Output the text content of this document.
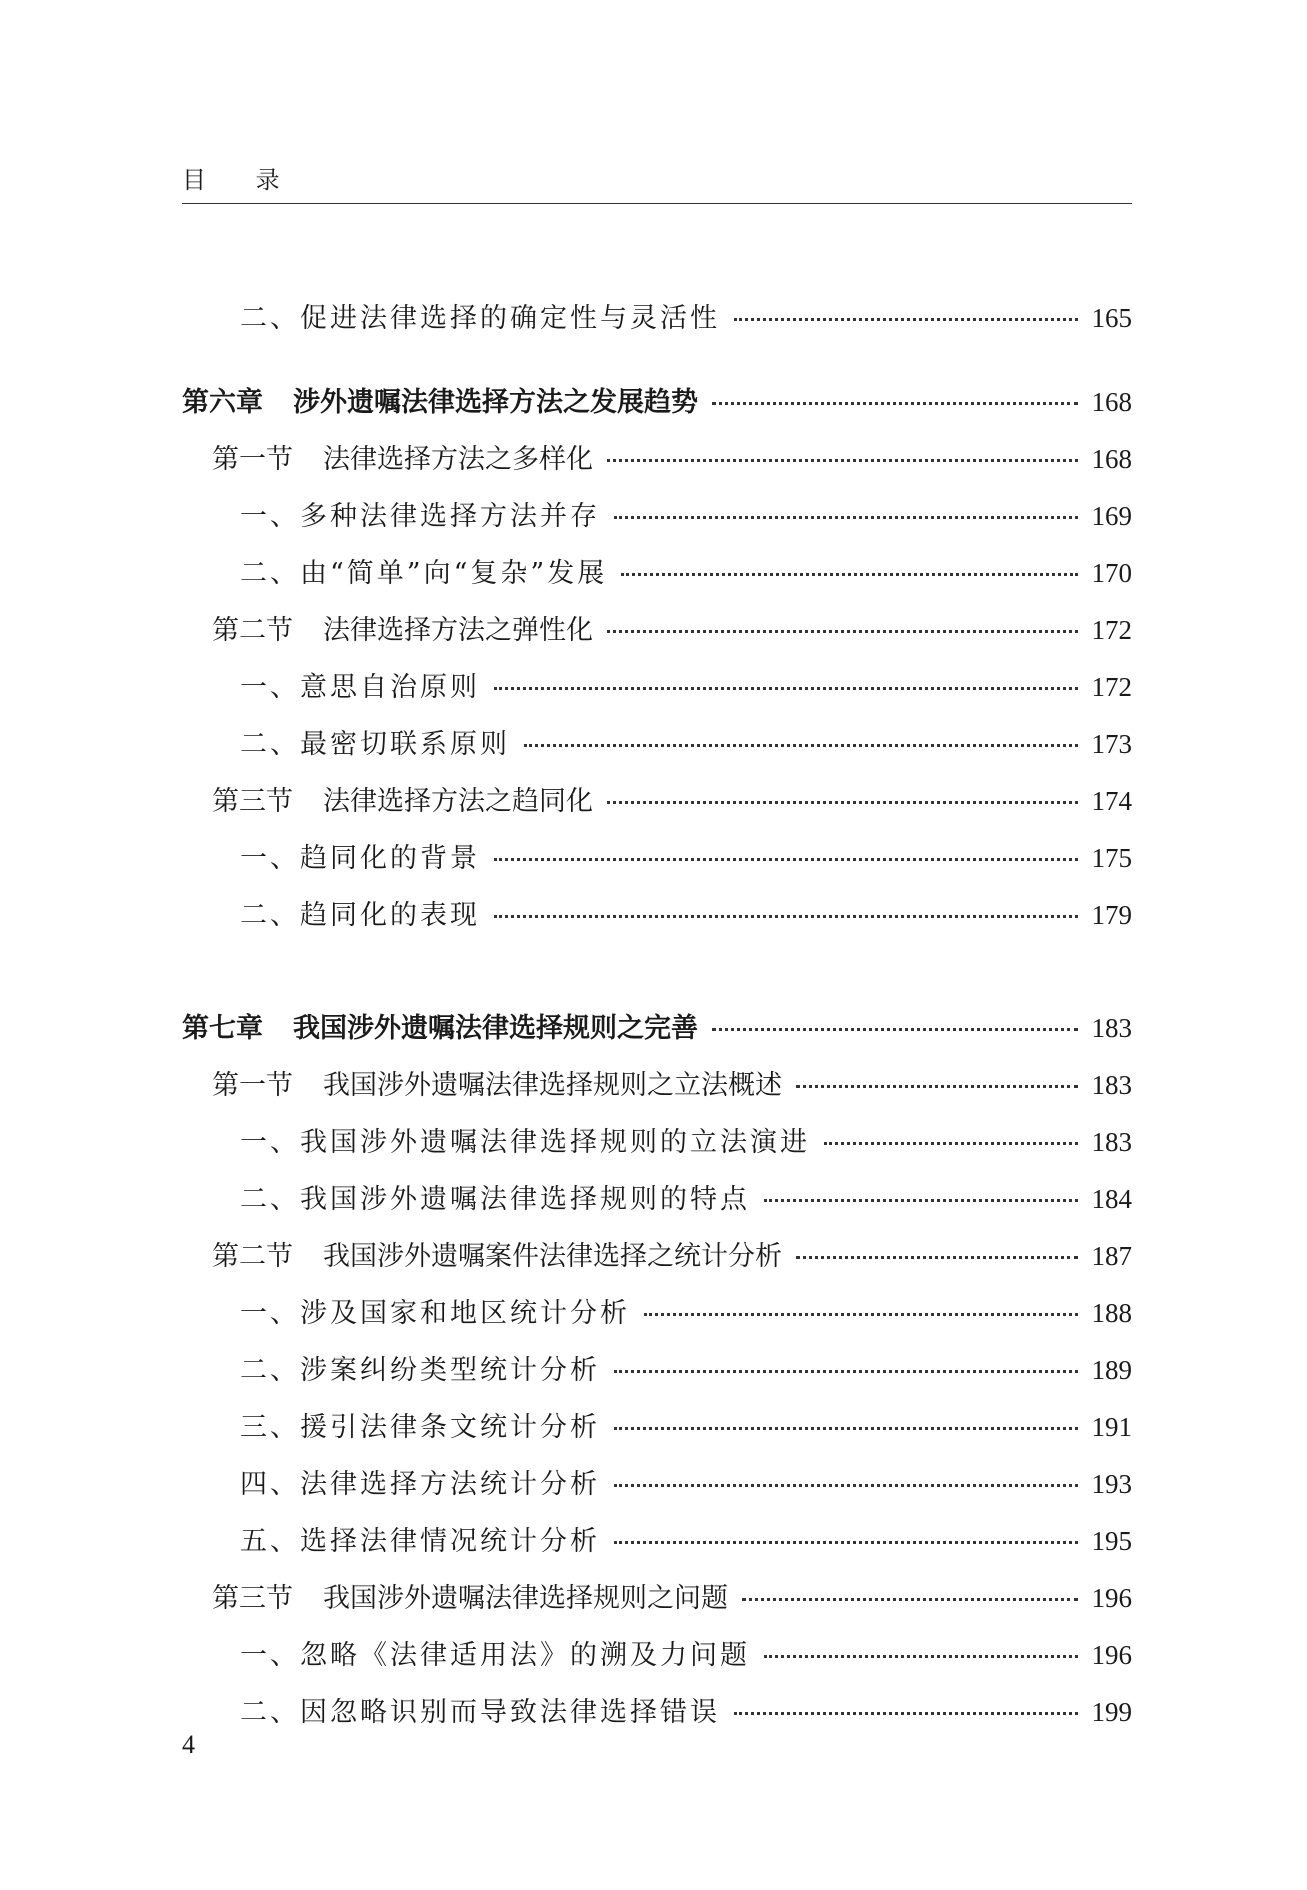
目 录
二、促进法律选择的确定性与灵活性	165
第六章 涉外遗嘱法律选择方法之发展趋势	168
第一节 法律选择方法之多样化	168
一、多种法律选择方法并存	169
二、由“简单”向“复杂”发展	170
第二节 法律选择方法之弹性化	172
一、意思自治原则	172
二、最密切联系原则	173
第三节 法律选择方法之趋同化	174
一、趋同化的背景	175
二、趋同化的表现	179
第七章 我国涉外遗嘱法律选择规则之完善	183
第一节 我国涉外遗嘱法律选择规则之立法概述	183
一、我国涉外遗嘱法律选择规则的立法演进	183
二、我国涉外遗嘱法律选择规则的特点	184
第二节 我国涉外遗嘱案件法律选择之统计分析	187
一、涉及国家和地区统计分析	188
二、涉案纠纷类型统计分析	189
三、援引法律条文统计分析	191
四、法律选择方法统计分析	193
五、选择法律情况统计分析	195
第三节 我国涉外遗嘱法律选择规则之问题	196
一、忽略《法律适用法》的溯及力问题	196
二、因忽略识别而导致法律选择错误	199
4
